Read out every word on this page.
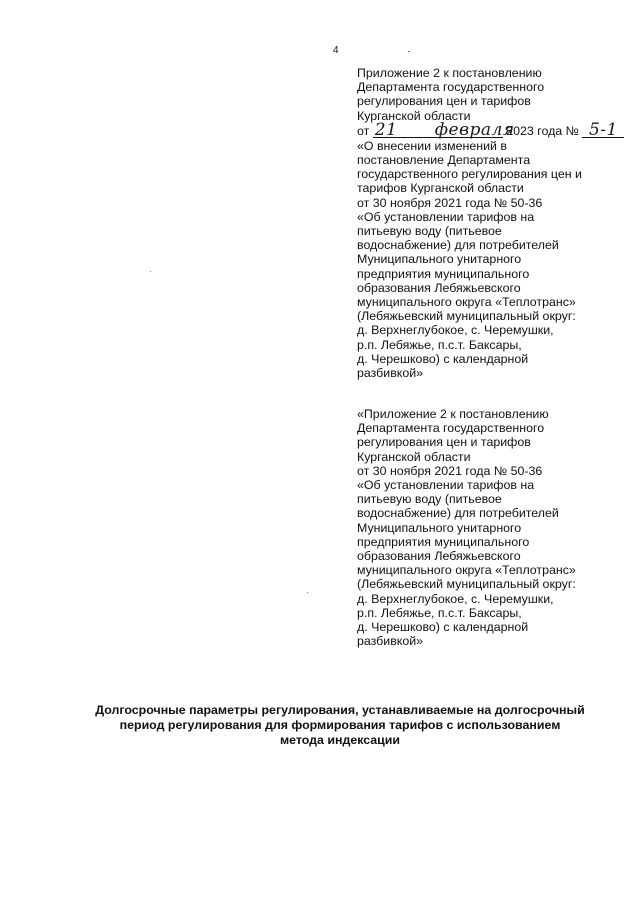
4
Приложение 2 к постановлению
Департамента государственного
регулирования цен и тарифов
Курганской области
от 21 февраля 2023 года № 5-1
«О внесении изменений в
постановление Департамента
государственного регулирования цен и
тарифов Курганской области
от 30 ноября 2021 года № 50-36
«Об установлении тарифов на
питьевую воду (питьевое
водоснабжение) для потребителей
Муниципального унитарного
предприятия муниципального
образования Лебяжьевского
муниципального округа «Теплотранс»
(Лебяжьевский муниципальный округ:
д. Верхнеглубокое, с. Черемушки,
р.п. Лебяжье, п.с.т. Баксары,
д. Черешково) с календарной
разбивкой»
«Приложение 2 к постановлению
Департамента государственного
регулирования цен и тарифов
Курганской области
от 30 ноября 2021 года № 50-36
«Об установлении тарифов на
питьевую воду (питьевое
водоснабжение) для потребителей
Муниципального унитарного
предприятия муниципального
образования Лебяжьевского
муниципального округа «Теплотранс»
(Лебяжьевский муниципальный округ:
д. Верхнеглубокое, с. Черемушки,
р.п. Лебяжье, п.с.т. Баксары,
д. Черешково) с календарной
разбивкой»
Долгосрочные параметры регулирования, устанавливаемые на долгосрочный
период регулирования для формирования тарифов с использованием
метода индексации
